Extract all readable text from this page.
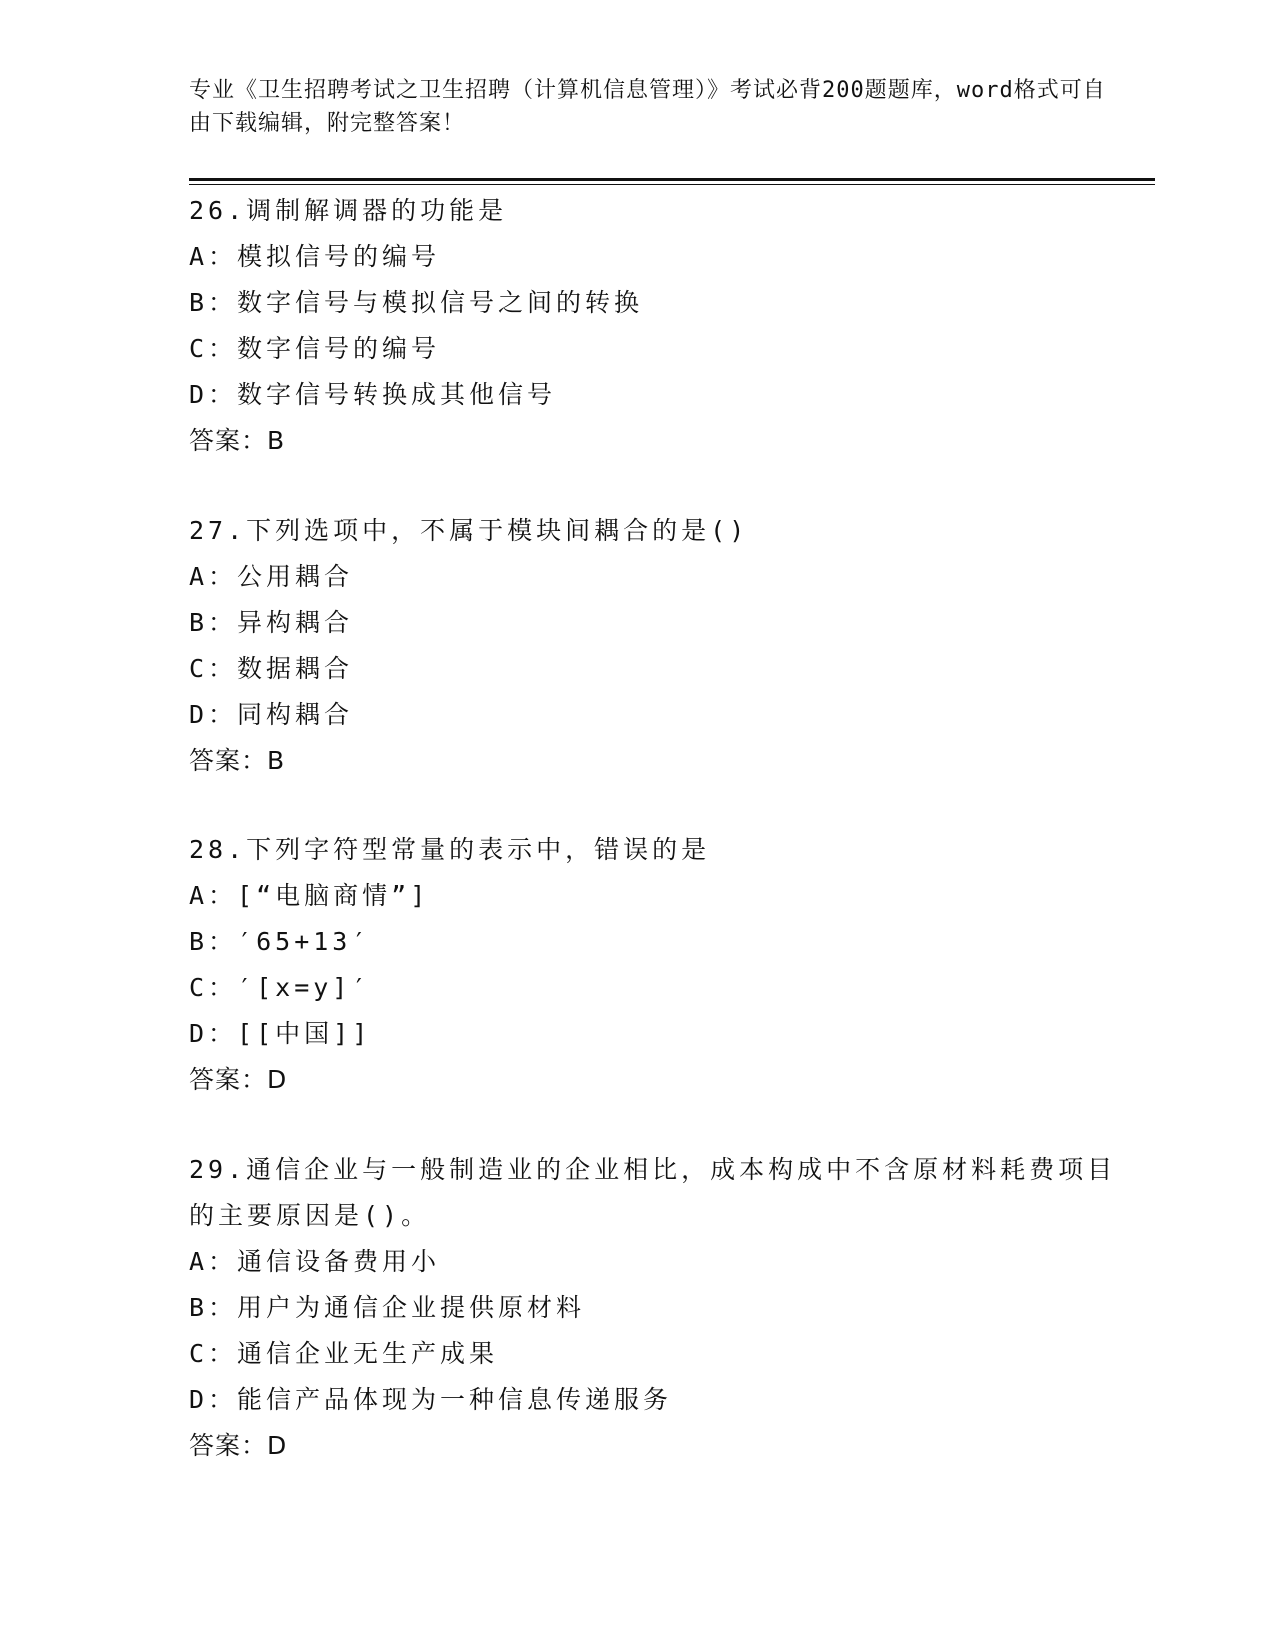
专业《卫生招聘考试之卫生招聘（计算机信息管理）》考试必背200题题库，word格式可自由下载编辑，附完整答案！
26.调制解调器的功能是
A：模拟信号的编号
B：数字信号与模拟信号之间的转换
C：数字信号的编号
D：数字信号转换成其他信号
答案：B
27.下列选项中，不属于模块间耦合的是()
A：公用耦合
B：异构耦合
C：数据耦合
D：同构耦合
答案：B
28.下列字符型常量的表示中，错误的是
A：[“电脑商情”]
B：′65+13′
C：′[x=y]′
D：[[中国]]
答案：D
29.通信企业与一般制造业的企业相比，成本构成中不含原材料耗费项目的主要原因是()。
A：通信设备费用小
B：用户为通信企业提供原材料
C：通信企业无生产成果
D：能信产品体现为一种信息传递服务
答案：D
